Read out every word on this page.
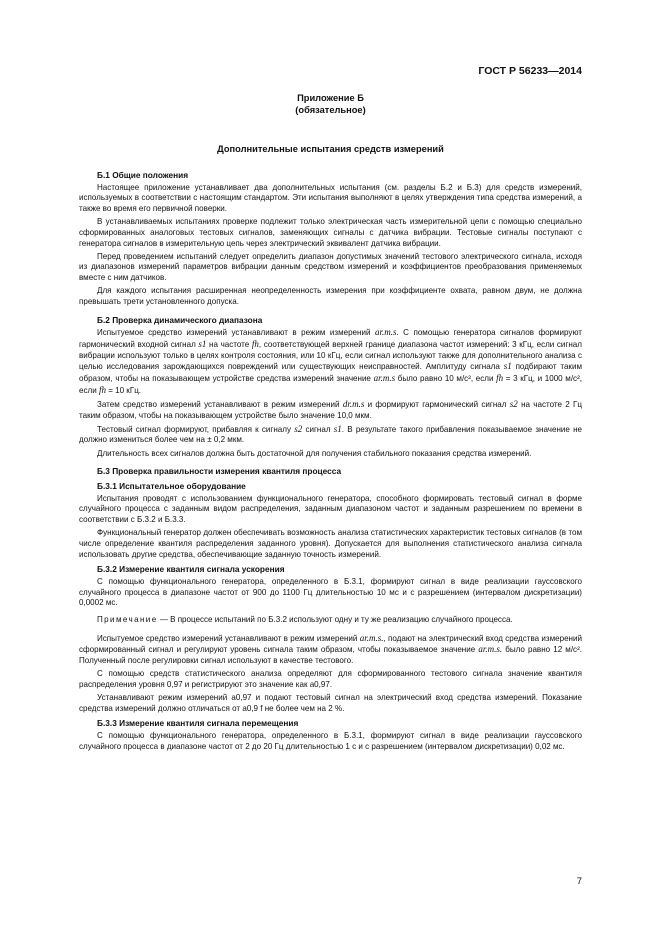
ГОСТ Р 56233—2014
Приложение Б
(обязательное)
Дополнительные испытания средств измерений
Б.1 Общие положения

Настоящее приложение устанавливает два дополнительных испытания (см. разделы Б.2 и Б.3) для средств измерений, используемых в соответствии с настоящим стандартом. Эти испытания выполняют в целях утверждения типа средства измерений, а также во время его первичной поверки.

В устанавливаемых испытаниях проверке подлежит только электрическая часть измерительной цепи с помощью специально сформированных аналоговых тестовых сигналов, заменяющих сигналы с датчика вибрации. Тестовые сигналы поступают с генератора сигналов в измерительную цепь через электрический эквивалент датчика вибрации.

Перед проведением испытаний следует определить диапазон допустимых значений тестового электрического сигнала, исходя из диапазонов измерений параметров вибрации данным средством измерений и коэффициентов преобразования применяемых вместе с ним датчиков.

Для каждого испытания расширенная неопределенность измерения при коэффициенте охвата, равном двум, не должна превышать трети установленного допуска.

Б.2 Проверка динамического диапазона

Испытуемое средство измерений устанавливают в режим измерений ar.m.s. С помощью генератора сигналов формируют гармонический входной сигнал s1 на частоте fh, соответствующей верхней границе диапазона частот измерений: 3 кГц, если сигнал вибрации используют только в целях контроля состояния, или 10 кГц, если сигнал используют также для дополнительного анализа с целью исследования зарождающихся повреждений или существующих неисправностей. Амплитуду сигнала s1 подбирают таким образом, чтобы на показывающем устройстве средства измерений значение ar.m.s было равно 10 м/с², если fh = 3 кГц, и 1000 м/с², если fh = 10 кГц.

Затем средство измерений устанавливают в режим измерений dr.m.s и формируют гармонический сигнал s2 на частоте 2 Гц таким образом, чтобы на показывающем устройстве было значение 10,0 мкм.

Тестовый сигнал формируют, прибавляя к сигналу s2 сигнал s1. В результате такого прибавления показываемое значение не должно измениться более чем на ± 0,2 мкм.

Длительность всех сигналов должна быть достаточной для получения стабильного показания средства измерений.

Б.3 Проверка правильности измерения квантиля процесса
Б.3.1 Испытательное оборудование

Испытания проводят с использованием функционального генератора, способного формировать тестовый сигнал в форме случайного процесса с заданным видом распределения, заданным диапазоном частот и заданным разрешением по времени в соответствии с Б.3.2 и Б.3.3.

Функциональный генератор должен обеспечивать возможность анализа статистических характеристик тестовых сигналов (в том числе определение квантиля распределения заданного уровня). Допускается для выполнения статистического анализа сигнала использовать другие средства, обеспечивающие заданную точность измерений.

Б.3.2 Измерение квантиля сигнала ускорения

С помощью функционального генератора, определенного в Б.3.1, формируют сигнал в виде реализации гауссовского случайного процесса в диапазоне частот от 900 до 1100 Гц длительностью 10 мс и с разрешением (интервалом дискретизации) 0,0002 мс.

Примечание — В процессе испытаний по Б.3.2 используют одну и ту же реализацию случайного процесса.

Испытуемое средство измерений устанавливают в режим измерений ar.m.s., подают на электрический вход средства измерений сформированный сигнал и регулируют уровень сигнала таким образом, чтобы показываемое значение ar.m.s. было равно 12 м/с². Полученный после регулировки сигнал используют в качестве тестового.

С помощью средств статистического анализа определяют для сформированного тестового сигнала значение квантиля распределения уровня 0,97 и регистрируют это значение как a0,97.

Устанавливают режим измерений a0,97 и подают тестовый сигнал на электрический вход средства измерений. Показание средства измерений должно отличаться от a0,9 f не более чем на 2 %.

Б.3.3 Измерение квантиля сигнала перемещения

С помощью функционального генератора, определенного в Б.3.1, формируют сигнал в виде реализации гауссовского случайного процесса в диапазоне частот от 2 до 20 Гц длительностью 1 с и с разрешением (интервалом дискретизации) 0,02 мс.

7
